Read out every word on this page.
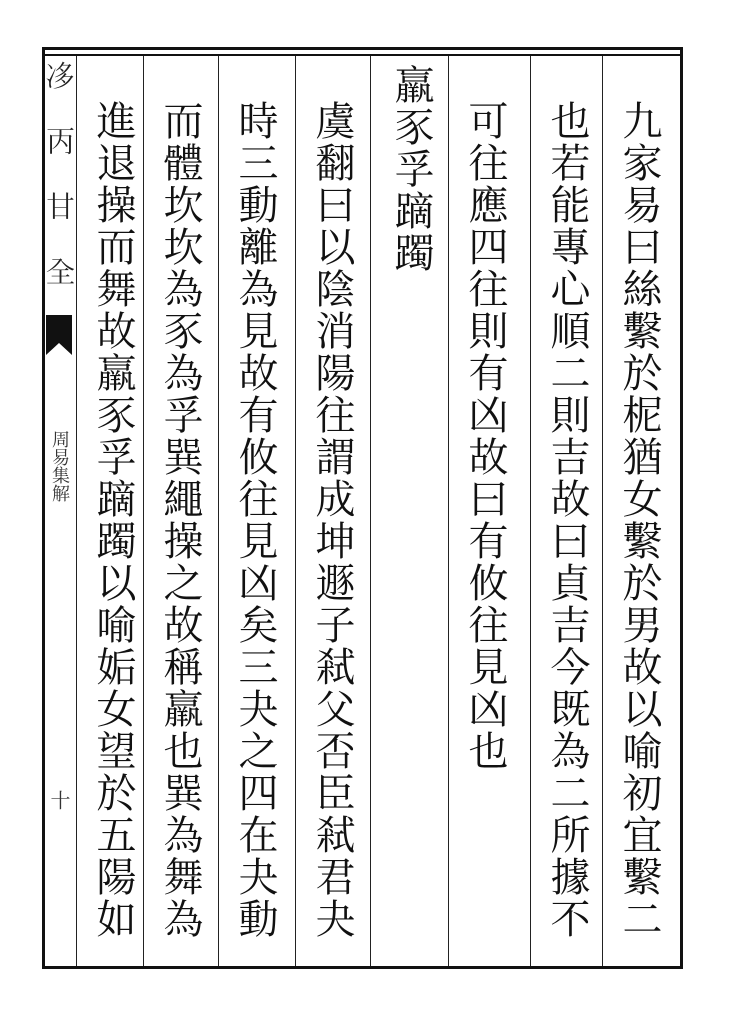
𠗄 丙 甘 全
周易集解
十	九家易曰絲繫於柅猶女繫於男故以喻初宜繫二
也若能專心順二則吉故曰貞吉今既為二所據不
可往應四往則有凶故曰有攸往見凶也
羸豕孚蹢躅
虞翻曰以陰消陽往謂成坤遯子弒父否臣弒君夬
時三動離為見故有攸往見凶矣三夬之四在夬動
而體坎坎為豕為孚巽繩操之故稱羸也巽為舞為
進退操而舞故羸豕孚蹢躅以喻姤女望於五陽如
